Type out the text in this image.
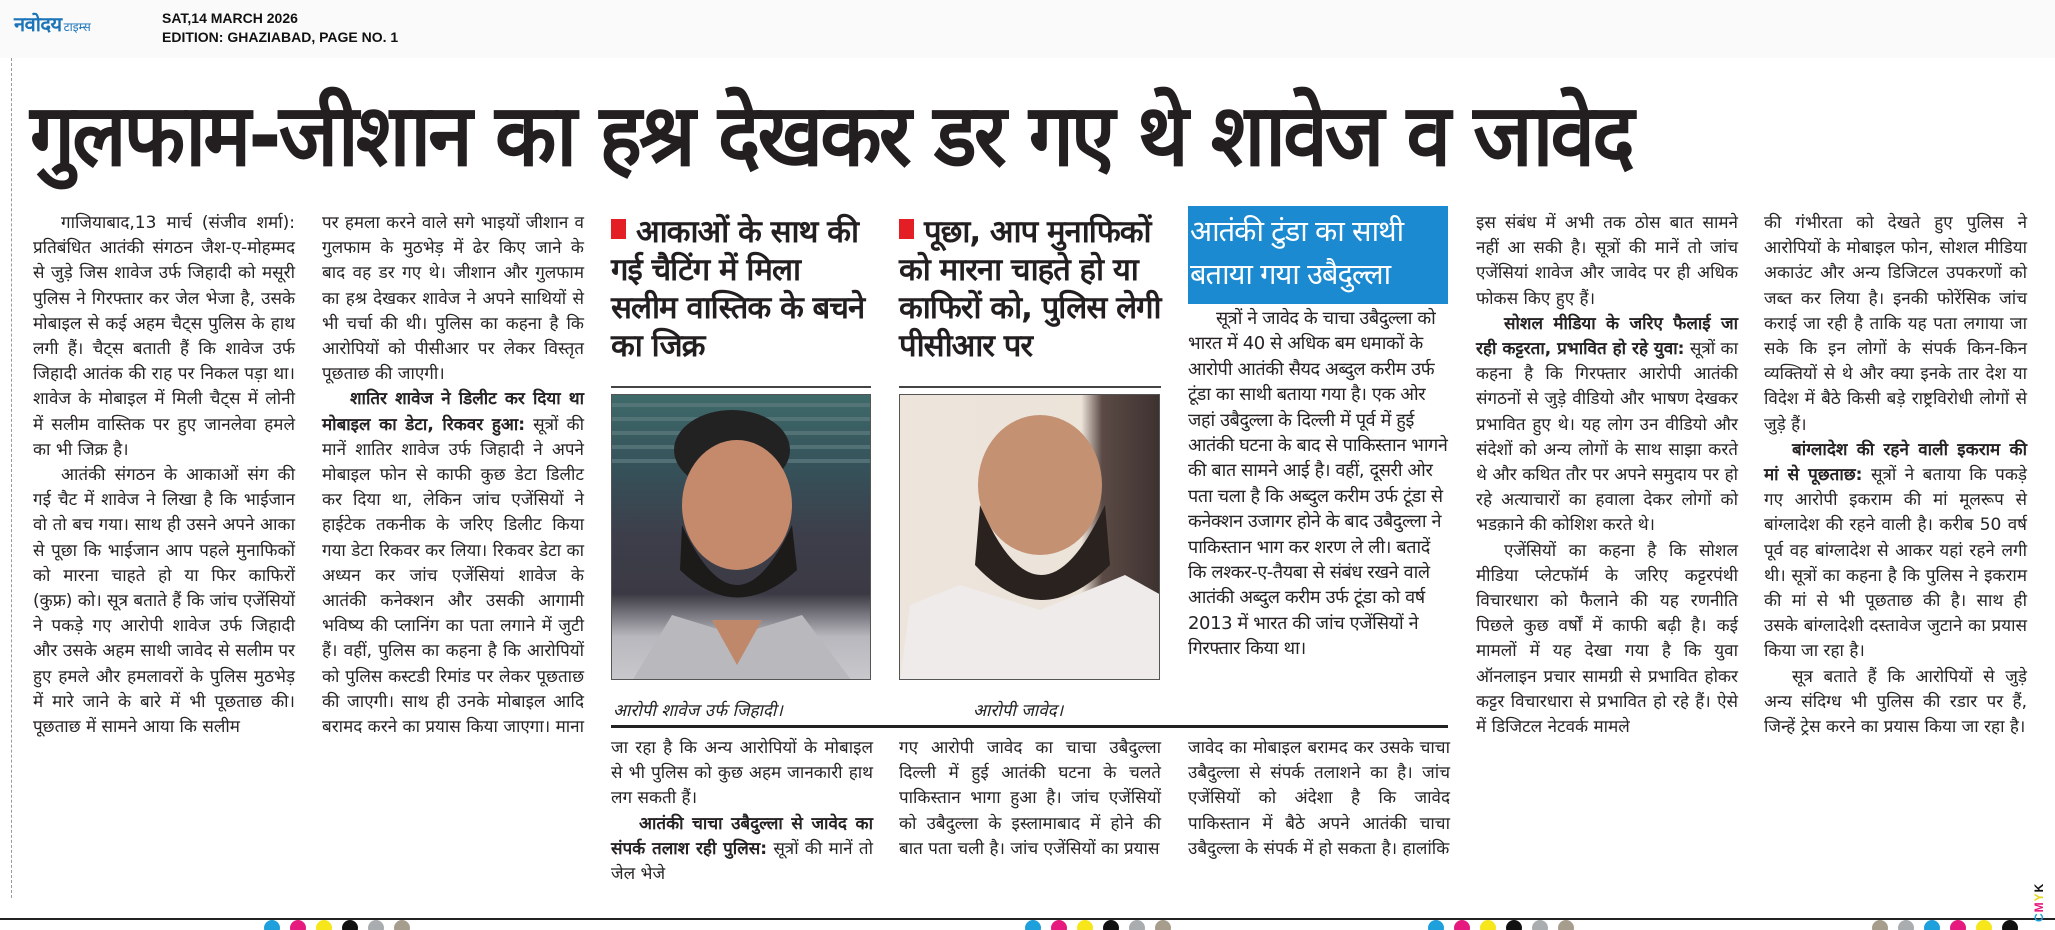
नवोदय टाइम्स
SAT,14 MARCH 2026
EDITION: GHAZIABAD, PAGE NO. 1
गुलफाम-जीशान का हश्र देखकर डर गए थे शावेज व जावेद

गाजियाबाद,13 मार्च (संजीव शर्मा): प्रतिबंधित आतंकी संगठन जैश-ए-मोहम्मद से जुड़े जिस शावेज उर्फ जिहादी को मसूरी पुलिस ने गिरफ्तार कर जेल भेजा है, उसके मोबाइल से कई अहम चैट्स पुलिस के हाथ लगी हैं। चैट्स बताती हैं कि शावेज उर्फ जिहादी आतंक की राह पर निकल पड़ा था। शावेज के मोबाइल में मिली चैट्स में लोनी में सलीम वास्तिक पर हुए जानलेवा हमले का भी जिक्र है।

आतंकी संगठन के आकाओं संग की गई चैट में शावेज ने लिखा है कि भाईजान वो तो बच गया। साथ ही उसने अपने आका से पूछा कि भाईजान आप पहले मुनाफिकों को मारना चाहते हो या फिर काफिरों (कुफ्र) को। सूत्र बताते हैं कि जांच एजेंसियों ने पकड़े गए आरोपी शावेज उर्फ जिहादी और उसके अहम साथी जावेद से सलीम पर हुए हमले और हमलावरों के पुलिस मुठभेड़ में मारे जाने के बारे में भी पूछताछ की। पूछताछ में सामने आया कि सलीम

पर हमला करने वाले सगे भाइयों जीशान व गुलफाम के मुठभेड़ में ढेर किए जाने के बाद वह डर गए थे। जीशान और गुलफाम का हश्र देखकर शावेज ने अपने साथियों से भी चर्चा की थी। पुलिस का कहना है कि आरोपियों को पीसीआर पर लेकर विस्तृत पूछताछ की जाएगी।

शातिर शावेज ने डिलीट कर दिया था मोबाइल का डेटा, रिकवर हुआ: सूत्रों की मानें शातिर शावेज उर्फ जिहादी ने अपने मोबाइल फोन से काफी कुछ डेटा डिलीट कर दिया था, लेकिन जांच एजेंसियों ने हाईटेक तकनीक के जरिए डिलीट किया गया डेटा रिकवर कर लिया। रिकवर डेटा का अध्यन कर जांच एजेंसियां शावेज के आतंकी कनेक्शन और उसकी आगामी भविष्य की प्लानिंग का पता लगाने में जुटी हैं। वहीं, पुलिस का कहना है कि आरोपियों को पुलिस कस्टडी रिमांड पर लेकर पूछताछ की जाएगी। साथ ही उनके मोबाइल आदि बरामद करने का प्रयास किया जाएगा। माना

आकाओं के साथ की गई चैटिंग में मिला सलीम वास्तिक के बचने का जिक्र
पूछा, आप मुनाफिकों को मारना चाहते हो या काफिरों को, पुलिस लेगी पीसीआर पर
आरोपी शावेज उर्फ जिहादी।	आरोपी जावेद।

जा रहा है कि अन्य आरोपियों के मोबाइल से भी पुलिस को कुछ अहम जानकारी हाथ लग सकती हैं।

आतंकी चाचा उबैदुल्ला से जावेद का संपर्क तलाश रही पुलिस: सूत्रों की मानें तो जेल भेजे

गए आरोपी जावेद का चाचा उबैदुल्ला दिल्ली में हुई आतंकी घटना के चलते पाकिस्तान भागा हुआ है। जांच एजेंसियों को उबैदुल्ला के इस्लामाबाद में होने की बात पता चली है। जांच एजेंसियों का प्रयास

आतंकी टुंडा का साथी
बताया गया उबैदुल्ला

सूत्रों ने जावेद के चाचा उबैदुल्ला को भारत में 40 से अधिक बम धमाकों के आरोपी आतंकी सैयद अब्दुल करीम उर्फ टूंडा का साथी बताया गया है। एक ओर जहां उबैदुल्ला के दिल्ली में पूर्व में हुई आतंकी घटना के बाद से पाकिस्तान भागने की बात सामने आई है। वहीं, दूसरी ओर पता चला है कि अब्दुल करीम उर्फ टूंडा से कनेक्शन उजागर होने के बाद उबैदुल्ला ने पाकिस्तान भाग कर शरण ले ली। बतादें कि लश्कर-ए-तैयबा से संबंध रखने वाले आतंकी अब्दुल करीम उर्फ टूंडा को वर्ष 2013 में भारत की जांच एजेंसियों ने गिरफ्तार किया था।

जावेद का मोबाइल बरामद कर उसके चाचा उबैदुल्ला से संपर्क तलाशने का है। जांच एजेंसियों को अंदेशा है कि जावेद पाकिस्तान में बैठे अपने आतंकी चाचा उबैदुल्ला के संपर्क में हो सकता है। हालांकि

इस संबंध में अभी तक ठोस बात सामने नहीं आ सकी है। सूत्रों की मानें तो जांच एजेंसियां शावेज और जावेद पर ही अधिक फोकस किए हुए हैं।

सोशल मीडिया के जरिए फैलाई जा रही कट्टरता, प्रभावित हो रहे युवा: सूत्रों का कहना है कि गिरफ्तार आरोपी आतंकी संगठनों से जुड़े वीडियो और भाषण देखकर प्रभावित हुए थे। यह लोग उन वीडियो और संदेशों को अन्य लोगों के साथ साझा करते थे और कथित तौर पर अपने समुदाय पर हो रहे अत्याचारों का हवाला देकर लोगों को भडक़ाने की कोशिश करते थे।

एजेंसियों का कहना है कि सोशल मीडिया प्लेटफॉर्म के जरिए कट्टरपंथी विचारधारा को फैलाने की यह रणनीति पिछले कुछ वर्षों में काफी बढ़ी है। कई मामलों में यह देखा गया है कि युवा ऑनलाइन प्रचार सामग्री से प्रभावित होकर कट्टर विचारधारा से प्रभावित हो रहे हैं। ऐसे में डिजिटल नेटवर्क मामले

की गंभीरता को देखते हुए पुलिस ने आरोपियों के मोबाइल फोन, सोशल मीडिया अकाउंट और अन्य डिजिटल उपकरणों को जब्त कर लिया है। इनकी फोरेंसिक जांच कराई जा रही है ताकि यह पता लगाया जा सके कि इन लोगों के संपर्क किन-किन व्यक्तियों से थे और क्या इनके तार देश या विदेश में बैठे किसी बड़े राष्ट्रविरोधी लोगों से जुड़े हैं।

बांग्लादेश की रहने वाली इकराम की मां से पूछताछ: सूत्रों ने बताया कि पकड़े गए आरोपी इकराम की मां मूलरूप से बांग्लादेश की रहने वाली है। करीब 50 वर्ष पूर्व वह बांग्लादेश से आकर यहां रहने लगी थी। सूत्रों का कहना है कि पुलिस ने इकराम की मां से भी पूछताछ की है। साथ ही उसके बांग्लादेशी दस्तावेज जुटाने का प्रयास किया जा रहा है।

सूत्र बताते हैं कि आरोपियों से जुड़े अन्य संदिग्ध भी पुलिस की रडार पर हैं, जिन्हें ट्रेस करने का प्रयास किया जा रहा है।

CMYK
